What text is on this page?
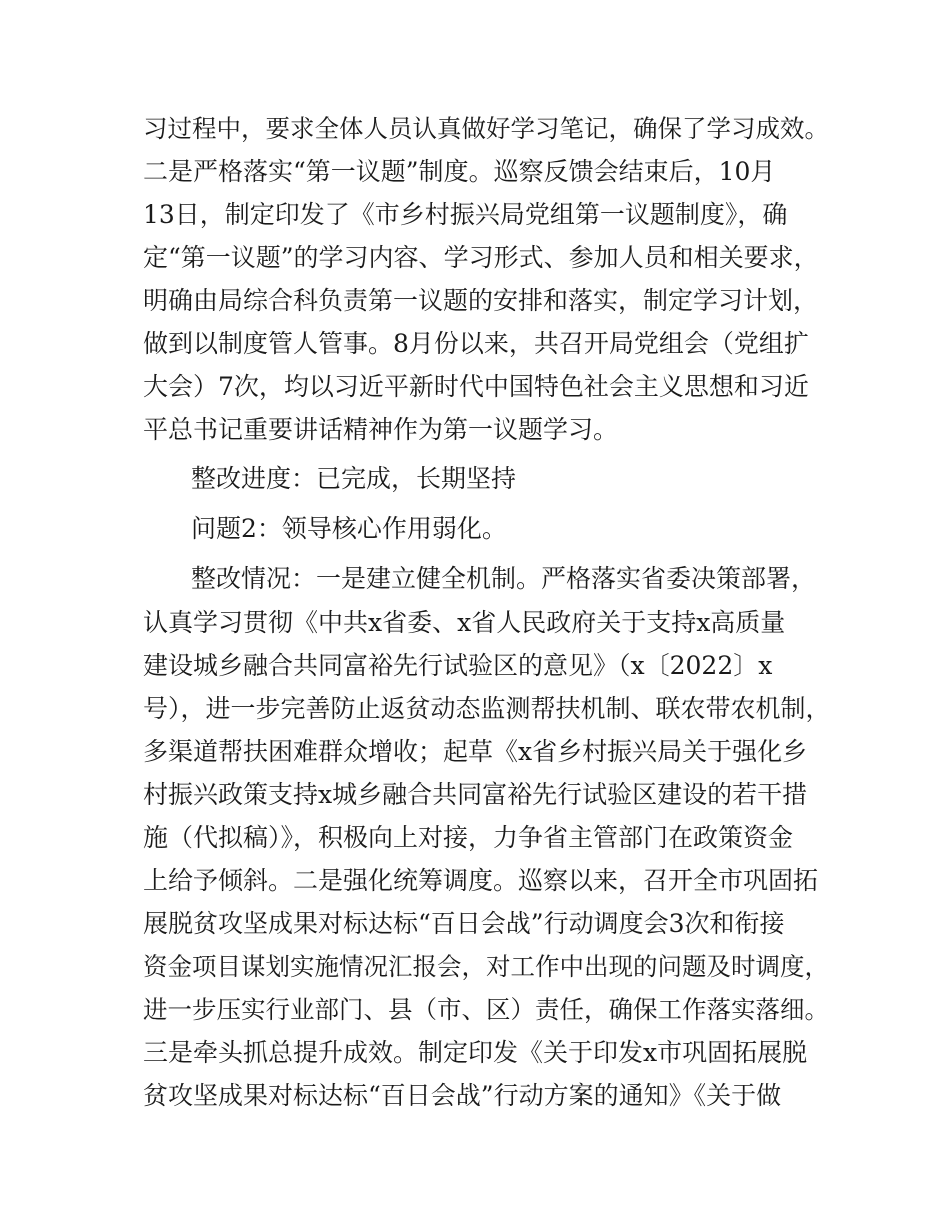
习过程中，要求全体人员认真做好学习笔记，确保了学习成效。

二是严格落实“第一议题”制度。巡察反馈会结束后，10月

13日，制定印发了《市乡村振兴局党组第一议题制度》，确

定“第一议题”的学习内容、学习形式、参加人员和相关要求，

明确由局综合科负责第一议题的安排和落实，制定学习计划，

做到以制度管人管事。8月份以来，共召开局党组会（党组扩

大会）7次，均以习近平新时代中国特色社会主义思想和习近

平总书记重要讲话精神作为第一议题学习。

整改进度：已完成，长期坚持

问题2：领导核心作用弱化。

整改情况：一是建立健全机制。严格落实省委决策部署，

认真学习贯彻《中共x省委、x省人民政府关于支持x高质量

建设城乡融合共同富裕先行试验区的意见》（x〔2022〕x

号），进一步完善防止返贫动态监测帮扶机制、联农带农机制，

多渠道帮扶困难群众增收；起草《x省乡村振兴局关于强化乡

村振兴政策支持x城乡融合共同富裕先行试验区建设的若干措

施（代拟稿）》，积极向上对接，力争省主管部门在政策资金

上给予倾斜。二是强化统筹调度。巡察以来，召开全市巩固拓

展脱贫攻坚成果对标达标“百日会战”行动调度会3次和衔接

资金项目谋划实施情况汇报会，对工作中出现的问题及时调度，

进一步压实行业部门、县（市、区）责任，确保工作落实落细。

三是牵头抓总提升成效。制定印发《关于印发x市巩固拓展脱

贫攻坚成果对标达标“百日会战”行动方案的通知》《关于做
